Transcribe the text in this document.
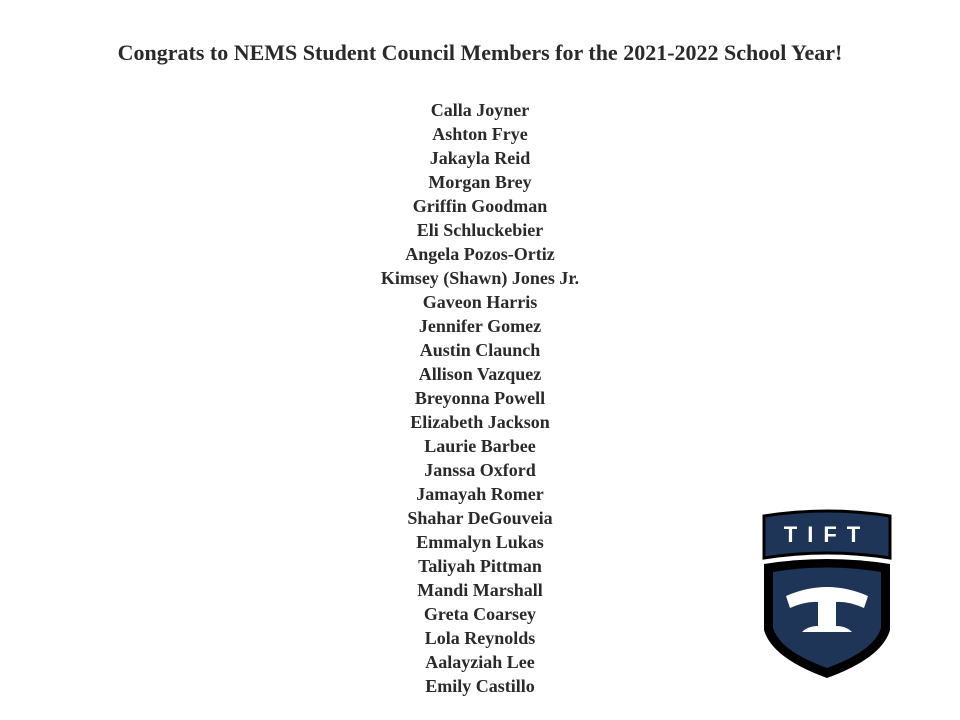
Congrats to NEMS Student Council Members for the 2021-2022 School Year!
Calla Joyner
Ashton Frye
Jakayla Reid
Morgan Brey
Griffin Goodman
Eli Schluckebier
Angela Pozos-Ortiz
Kimsey (Shawn) Jones Jr.
Gaveon Harris
Jennifer Gomez
Austin Claunch
Allison Vazquez
Breyonna Powell
Elizabeth Jackson
Laurie Barbee
Janssa Oxford
Jamayah Romer
Shahar DeGouveia
Emmalyn Lukas
Taliyah Pittman
Mandi Marshall
Greta Coarsey
Lola Reynolds
Aalayziah Lee
Emily Castillo
TIFT
